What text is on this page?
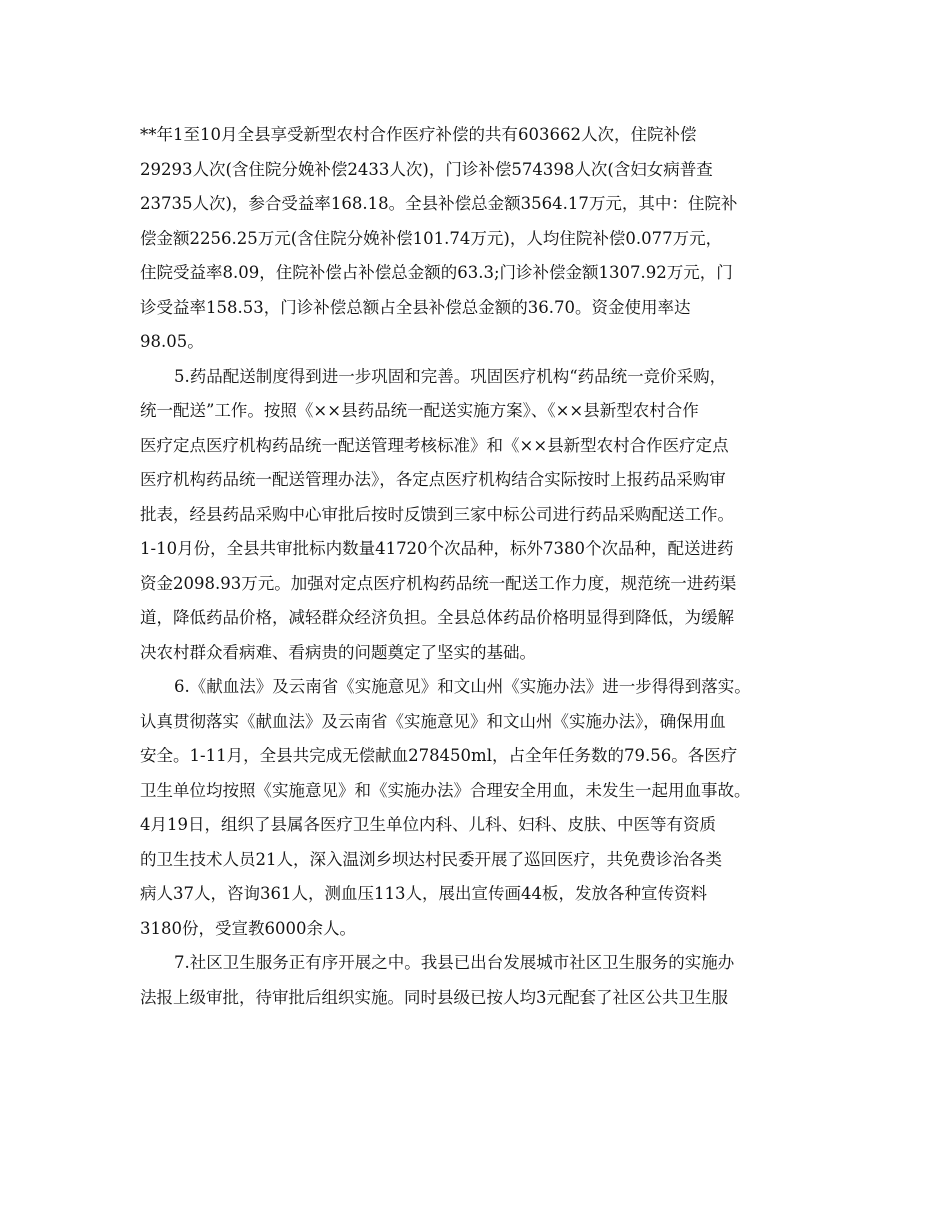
**年1至10月全县享受新型农村合作医疗补偿的共有603662人次，住院补偿
29293人次(含住院分娩补偿2433人次)，门诊补偿574398人次(含妇女病普查
23735人次)，参合受益率168.18。全县补偿总金额3564.17万元，其中：住院补
偿金额2256.25万元(含住院分娩补偿101.74万元)，人均住院补偿0.077万元，
住院受益率8.09，住院补偿占补偿总金额的63.3;门诊补偿金额1307.92万元，门
诊受益率158.53，门诊补偿总额占全县补偿总金额的36.70。资金使用率达
98.05。
5.药品配送制度得到进一步巩固和完善。巩固医疗机构“药品统一竞价采购，
统一配送”工作。按照《××县药品统一配送实施方案》、《××县新型农村合作
医疗定点医疗机构药品统一配送管理考核标准》和《××县新型农村合作医疗定点
医疗机构药品统一配送管理办法》，各定点医疗机构结合实际按时上报药品采购审
批表，经县药品采购中心审批后按时反馈到三家中标公司进行药品采购配送工作。
1-10月份，全县共审批标内数量41720个次品种，标外7380个次品种，配送进药
资金2098.93万元。加强对定点医疗机构药品统一配送工作力度，规范统一进药渠
道，降低药品价格，减轻群众经济负担。全县总体药品价格明显得到降低，为缓解
决农村群众看病难、看病贵的问题奠定了坚实的基础。
6.《献血法》及云南省《实施意见》和文山州《实施办法》进一步得得到落实。
认真贯彻落实《献血法》及云南省《实施意见》和文山州《实施办法》，确保用血
安全。1-11月，全县共完成无偿献血278450ml，占全年任务数的79.56。各医疗
卫生单位均按照《实施意见》和《实施办法》合理安全用血，未发生一起用血事故。
4月19日，组织了县属各医疗卫生单位内科、儿科、妇科、皮肤、中医等有资质
的卫生技术人员21人，深入温浏乡坝达村民委开展了巡回医疗，共免费诊治各类
病人37人，咨询361人，测血压113人，展出宣传画44板，发放各种宣传资料
3180份，受宣教6000余人。
7.社区卫生服务正有序开展之中。我县已出台发展城市社区卫生服务的实施办
法报上级审批，待审批后组织实施。同时县级已按人均3元配套了社区公共卫生服
